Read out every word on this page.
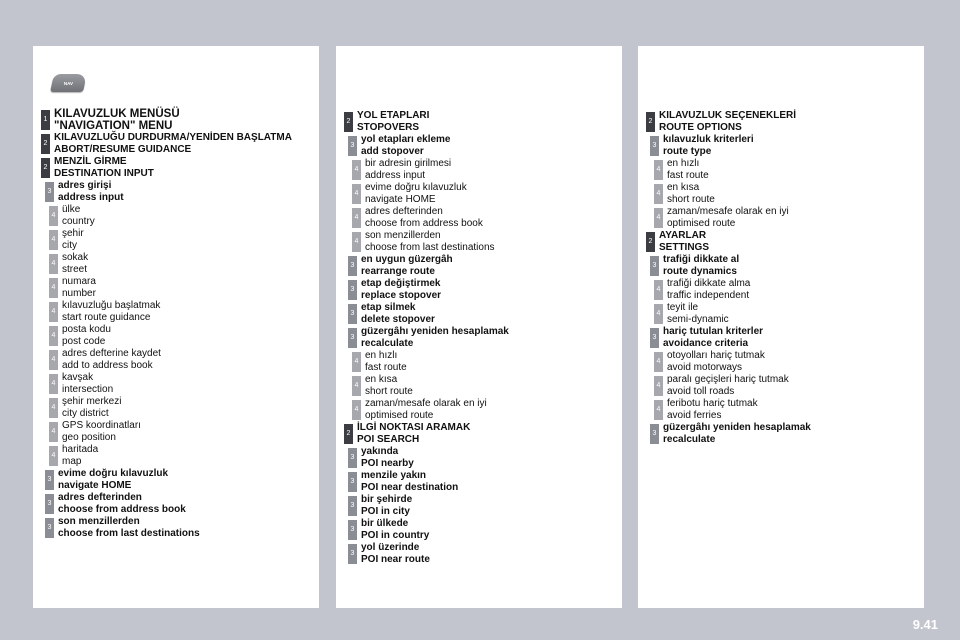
NAV
1 KILAVUZLUK MENÜSÜ
"NAVIGATION" MENU
2
KILAVUZLUĞU DURDURMA/YENİDEN BAŞLATMA
ABORT/RESUME GUIDANCE
2
MENZİL GİRME
DESTINATION INPUT
3
adres girişi
address input
4
ülke
country
4
şehir
city
4
sokak
street
4
numara
number
4
kılavuzluğu başlatmak
start route guidance
4
posta kodu
post code
4
adres defterine kaydet
add to address book
4
kavşak
intersection
4
şehir merkezi
city district
4
GPS koordinatları
geo position
4
haritada
map
3
evime doğru kılavuzluk
navigate HOME
3
adres defterinden
choose from address book
3
son menzillerden
choose from last destinations
2
YOL ETAPLARI
STOPOVERS
3
yol etapları ekleme
add stopover
4
bir adresin girilmesi
address input
4
evime doğru kılavuzluk
navigate HOME
4
adres defterinden
choose from address book
4
son menzillerden
choose from last destinations
3
en uygun güzergâh
rearrange route
3
etap değiştirmek
replace stopover
3
etap silmek
delete stopover
3
güzergâhı yeniden hesaplamak
recalculate
4
en hızlı
fast route
4
en kısa
short route
4
zaman/mesafe olarak en iyi
optimised route
2
İLGİ NOKTASI ARAMAK
POI SEARCH
3
yakında
POI nearby
3
menzile yakın
POI near destination
3
bir şehirde
POI in city
3
bir ülkede
POI in country
3
yol üzerinde
POI near route
2
KILAVUZLUK SEÇENEKLERİ
ROUTE OPTIONS
3
kılavuzluk kriterleri
route type
4
en hızlı
fast route
4
en kısa
short route
4
zaman/mesafe olarak en iyi
optimised route
2
AYARLAR
SETTINGS
3
trafiği dikkate al
route dynamics
4
trafiği dikkate alma
traffic independent
4
teyit ile
semi-dynamic
3
hariç tutulan kriterler
avoidance criteria
4
otoyolları hariç tutmak
avoid motorways
4
paralı geçişleri hariç tutmak
avoid toll roads
4
feribotu hariç tutmak
avoid ferries
3
güzergâhı yeniden hesaplamak
recalculate
9.41
